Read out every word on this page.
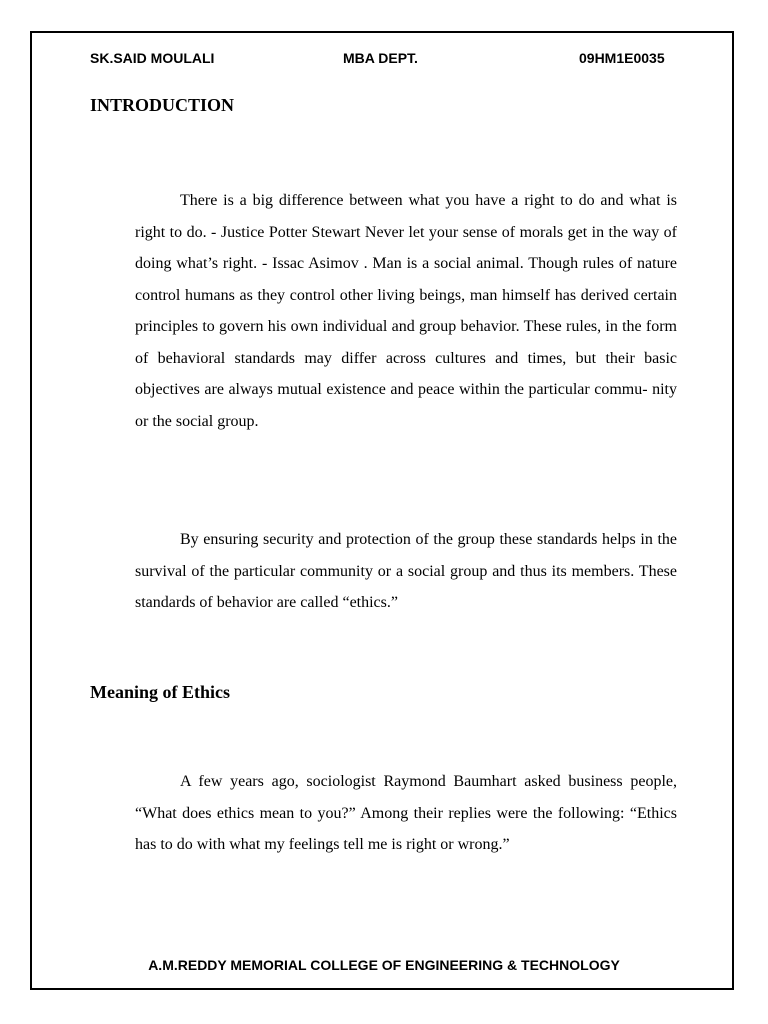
SK.SAID MOULALI	MBA DEPT.	09HM1E0035
INTRODUCTION

There is a big difference between what you have a right to do and what is right to do. - Justice Potter Stewart Never let your sense of morals get in the way of doing what’s right. - Issac Asimov . Man is a social animal. Though rules of nature control humans as they control other living beings, man himself has derived certain principles to govern his own individual and group behavior. These rules, in the form of behavioral standards may differ across cultures and times, but their basic objectives are always mutual existence and peace within the particular commu- nity or the social group.

By ensuring security and protection of the group these standards helps in the survival of the particular community or a social group and thus its members. These standards of behavior are called “ethics.”

Meaning of Ethics

A few years ago, sociologist Raymond Baumhart asked business people, “What does ethics mean to you?” Among their replies were the following: “Ethics has to do with what my feelings tell me is right or wrong.”

A.M.REDDY MEMORIAL COLLEGE OF ENGINEERING & TECHNOLOGY
